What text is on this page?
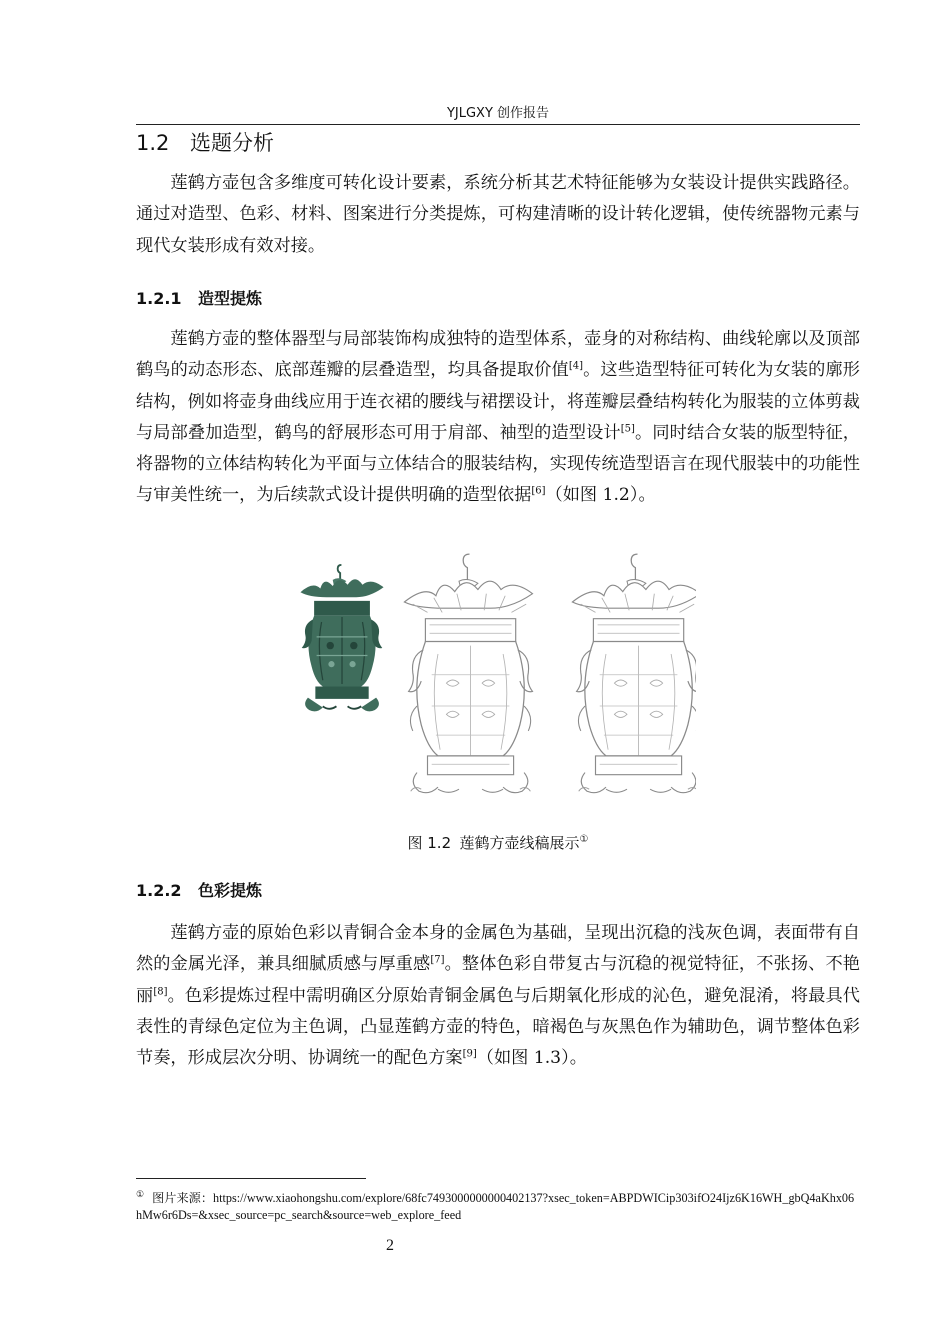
YJLGXY 创作报告
1.2 选题分析

莲鹤方壶包含多维度可转化设计要素，系统分析其艺术特征能够为女装设计提供实践路径。通过对造型、色彩、材料、图案进行分类提炼，可构建清晰的设计转化逻辑，使传统器物元素与现代女装形成有效对接。

1.2.1 造型提炼

莲鹤方壶的整体器型与局部装饰构成独特的造型体系，壶身的对称结构、曲线轮廓以及顶部鹤鸟的动态形态、底部莲瓣的层叠造型，均具备提取价值[4]。这些造型特征可转化为女装的廓形结构，例如将壶身曲线应用于连衣裙的腰线与裙摆设计，将莲瓣层叠结构转化为服装的立体剪裁与局部叠加造型，鹤鸟的舒展形态可用于肩部、袖型的造型设计[5]。同时结合女装的版型特征，将器物的立体结构转化为平面与立体结合的服装结构，实现传统造型语言在现代服装中的功能性与审美性统一，为后续款式设计提供明确的造型依据[6]（如图 1.2）。

图 1.2 莲鹤方壶线稿展示①
1.2.2 色彩提炼

莲鹤方壶的原始色彩以青铜合金本身的金属色为基础，呈现出沉稳的浅灰色调，表面带有自然的金属光泽，兼具细腻质感与厚重感[7]。整体色彩自带复古与沉稳的视觉特征，不张扬、不艳丽[8]。色彩提炼过程中需明确区分原始青铜金属色与后期氧化形成的沁色，避免混淆，将最具代表性的青绿色定位为主色调，凸显莲鹤方壶的特色，暗褐色与灰黑色作为辅助色，调节整体色彩节奏，形成层次分明、协调统一的配色方案[9]（如图 1.3）。

① 图片来源：https://www.xiaohongshu.com/explore/68fc7493000000000402137?xsec_token=ABPDWICip303ifO24Ijz6K16WH_gbQ4aKhx06hMw6r6Ds=&xsec_source=pc_search&source=web_explore_feed
2
